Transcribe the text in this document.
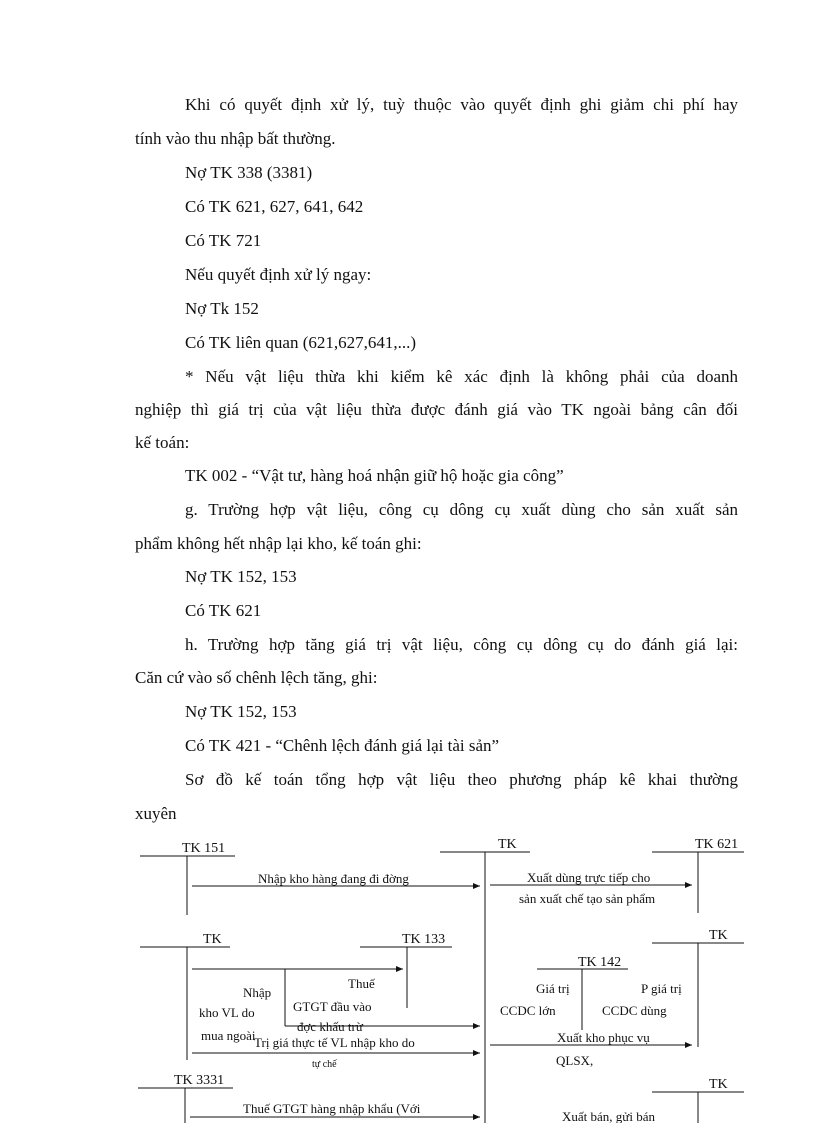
Khi có quyết định xử lý, tuỳ thuộc vào quyết định ghi giảm chi phí hay
tính vào thu nhập bất thường.
Nợ TK 338 (3381)
Có TK 621, 627, 641, 642
Có TK 721
Nếu quyết định xử lý ngay:
Nợ Tk 152
Có TK liên quan (621,627,641,...)
* Nếu vật liệu thừa khi kiểm kê xác định là không phải của doanh
nghiệp thì giá trị của vật liệu thừa được đánh giá vào TK ngoài bảng cân đối
kế toán:
TK 002 - “Vật tư, hàng hoá nhận giữ hộ hoặc gia công”
g. Trường hợp vật liệu, công cụ dông cụ xuất dùng cho sản xuất sản
phẩm không hết nhập lại kho, kế toán ghi:
Nợ TK 152, 153
Có TK 621
h. Trường hợp tăng giá trị vật liệu, công cụ dông cụ do đánh giá lại:
Căn cứ vào số chênh lệch tăng, ghi:
Nợ TK 152, 153
Có TK 421 - “Chênh lệch đánh giá lại tài sản”
Sơ đồ kế toán tổng hợp vật liệu theo phương pháp kê khai thường
xuyên
TK
TK 151
Nhập kho hàng đang đi đờng
TK 621
Xuất dùng trực tiếp cho
sản xuất chế tạo sản phẩm
TK	TK 133
Nhập
kho VL do
mua ngoài
Thuế
GTGT đầu vào
đợc khấu trừ
Trị giá thực tế VL nhập kho do
tự chế
TK 142
Giá trị
CCDC lớn
P giá trị
CCDC dùng
TK
Xuất kho phục vụ
QLSX,
TK 3331
Thuế GTGT hàng nhập khẩu (Với
TK
Xuất bán, gửi bán
